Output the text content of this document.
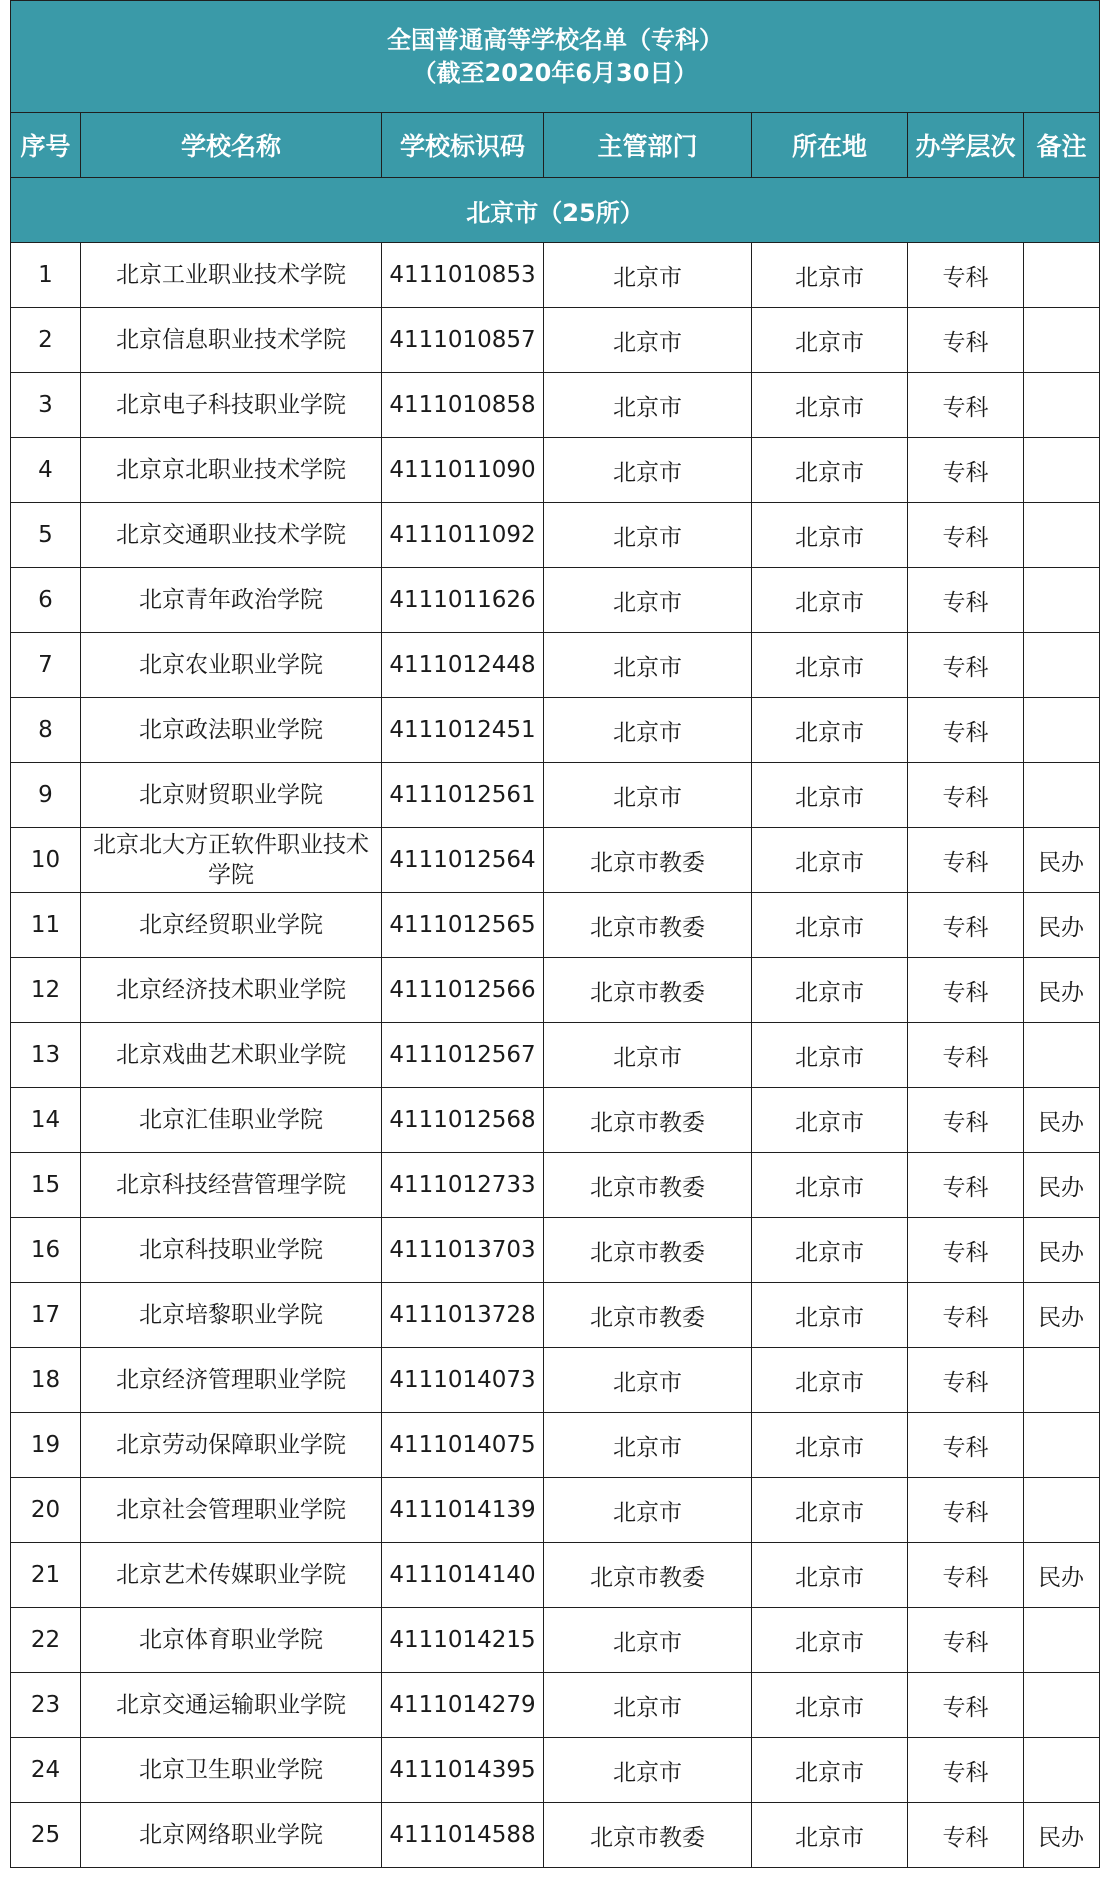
全国普通高等学校名单（专科）
（截至2020年6月30日）						

序号	学校名称	学校标识码	主管部门	所在地	办学层次	备注
北京市（25所）						
1	北京工业职业技术学院	4111010853	北京市	北京市	专科	
2	北京信息职业技术学院	4111010857	北京市	北京市	专科	
3	北京电子科技职业学院	4111010858	北京市	北京市	专科	
4	北京京北职业技术学院	4111011090	北京市	北京市	专科	
5	北京交通职业技术学院	4111011092	北京市	北京市	专科	
6	北京青年政治学院	4111011626	北京市	北京市	专科	
7	北京农业职业学院	4111012448	北京市	北京市	专科	
8	北京政法职业学院	4111012451	北京市	北京市	专科	
9	北京财贸职业学院	4111012561	北京市	北京市	专科	
10	北京北大方正软件职业技术学院	4111012564	北京市教委	北京市	专科	民办
11	北京经贸职业学院	4111012565	北京市教委	北京市	专科	民办
12	北京经济技术职业学院	4111012566	北京市教委	北京市	专科	民办
13	北京戏曲艺术职业学院	4111012567	北京市	北京市	专科	
14	北京汇佳职业学院	4111012568	北京市教委	北京市	专科	民办
15	北京科技经营管理学院	4111012733	北京市教委	北京市	专科	民办
16	北京科技职业学院	4111013703	北京市教委	北京市	专科	民办
17	北京培黎职业学院	4111013728	北京市教委	北京市	专科	民办
18	北京经济管理职业学院	4111014073	北京市	北京市	专科	
19	北京劳动保障职业学院	4111014075	北京市	北京市	专科	
20	北京社会管理职业学院	4111014139	北京市	北京市	专科	
21	北京艺术传媒职业学院	4111014140	北京市教委	北京市	专科	民办
22	北京体育职业学院	4111014215	北京市	北京市	专科	
23	北京交通运输职业学院	4111014279	北京市	北京市	专科	
24	北京卫生职业学院	4111014395	北京市	北京市	专科	
25	北京网络职业学院	4111014588	北京市教委	北京市	专科	民办
